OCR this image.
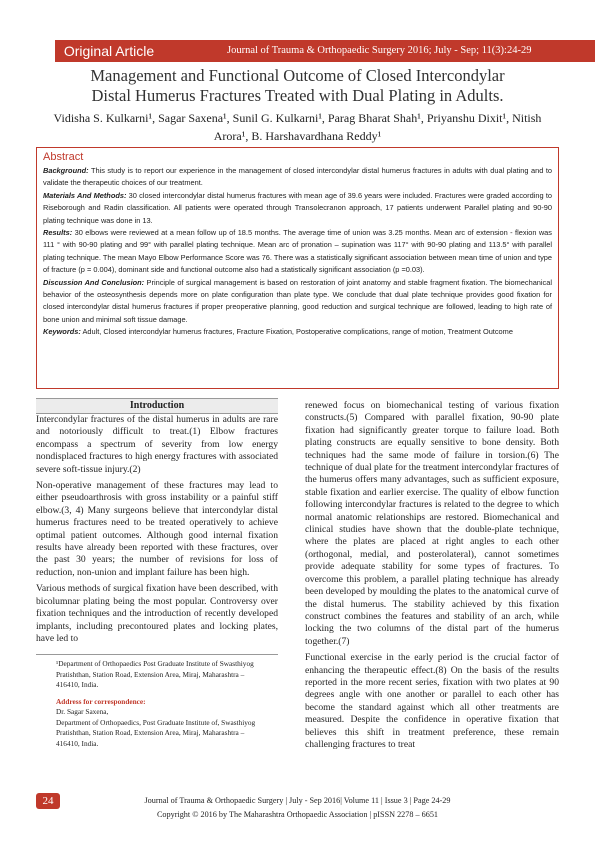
Original Article	Journal of Trauma & Orthopaedic Surgery 2016; July - Sep; 11(3):24-29
Management and Functional Outcome of Closed Intercondylar
Distal Humerus Fractures Treated with Dual Plating in Adults.
Vidisha S. Kulkarni¹, Sagar Saxena¹, Sunil G. Kulkarni¹, Parag Bharat Shah¹, Priyanshu Dixit¹, Nitish
Arora¹, B. Harshavardhana Reddy¹
Abstract

Background: This study is to report our experience in the management of closed intercondylar distal humerus fractures in adults with dual plating and to validate the therapeutic choices of our treatment.

Materials And Methods: 30 closed intercondylar distal humerus fractures with mean age of 39.6 years were included. Fractures were graded according to Riseborough and Radin classification. All patients were operated through Transolecranon approach, 17 patients underwent Parallel plating and 90-90 plating technique was done in 13.

Results: 30 elbows were reviewed at a mean follow up of 18.5 months. The average time of union was 3.25 months. Mean arc of extension - flexion was 111 ° with 90-90 plating and 99° with parallel plating technique. Mean arc of pronation – supination was 117° with 90-90 plating and 113.5° with parallel plating technique. The mean Mayo Elbow Performance Score was 76. There was a statistically significant association between mean time of union and type of fracture (p = 0.004), dominant side and functional outcome also had a statistically significant association (p =0.03).

Discussion And Conclusion: Principle of surgical management is based on restoration of joint anatomy and stable fragment fixation. The biomechanical behavior of the osteosynthesis depends more on plate configuration than plate type. We conclude that dual plate technique provides good fixation for closed intercondylar distal humerus fractures if proper preoperative planning, good reduction and surgical technique are followed, leading to high rate of bone union and minimal soft tissue damage.

Keywords: Adult, Closed intercondylar humerus fractures, Fracture Fixation, Postoperative complications, range of motion, Treatment Outcome

Introduction

Intercondylar fractures of the distal humerus in adults are rare and notoriously difficult to treat.(1) Elbow fractures encompass a spectrum of severity from low energy nondisplaced fractures to high energy fractures with associated severe soft-tissue injury.(2)

Non-operative management of these fractures may lead to either pseudoarthrosis with gross instability or a painful stiff elbow.(3, 4) Many surgeons believe that intercondylar distal humerus fractures need to be treated operatively to achieve optimal patient outcomes. Although good internal fixation results have already been reported with these fractures, over the past 30 years; the number of revisions for loss of reduction, non-union and implant failure has been high.

Various methods of surgical fixation have been described, with bicolumnar plating being the most popular. Controversy over fixation techniques and the introduction of recently developed implants, including precontoured plates and locking plates, have led to

renewed focus on biomechanical testing of various fixation constructs.(5) Compared with parallel fixation, 90-90 plate fixation had significantly greater torque to failure load. Both plating constructs are equally sensitive to bone density. Both techniques had the same mode of failure in torsion.(6) The technique of dual plate for the treatment intercondylar fractures of the humerus offers many advantages, such as sufficient exposure, stable fixation and earlier exercise. The quality of elbow function following intercondylar fractures is related to the degree to which normal anatomic relationships are restored. Biomechanical and clinical studies have shown that the double-plate technique, where the plates are placed at right angles to each other (orthogonal, medial, and posterolateral), cannot sometimes provide adequate stability for some types of fractures. To overcome this problem, a parallel plating technique has already been developed by moulding the plates to the anatomical curve of the distal humerus. The stability achieved by this fixation construct combines the features and stability of an arch, while locking the two columns of the distal part of the humerus together.(7)

Functional exercise in the early period is the crucial factor of enhancing the therapeutic effect.(8) On the basis of the results reported in the more recent series, fixation with two plates at 90 degrees angle with one another or parallel to each other has become the standard against which all other treatments are measured. Despite the confidence in operative fixation that believes this shift in treatment preference, these remain challenging fractures to treat

¹Department of Orthopaedics Post Graduate Institute of Swasthiyog Pratishthan, Station Road, Extension Area, Miraj, Maharashtra – 416410, India.
Address for correspondence:
Dr. Sagar Saxena,
Department of Orthopaedics, Post Graduate Institute of, Swasthiyog Pratishthan, Station Road, Extension Area, Miraj, Maharashtra – 416410, India.
24	Journal of Trauma & Orthopaedic Surgery | July - Sep 2016| Volume 11 | Issue 3 | Page 24-29
Copyright © 2016 by The Maharashtra Orthopaedic Association | pISSN 2278 – 6651
